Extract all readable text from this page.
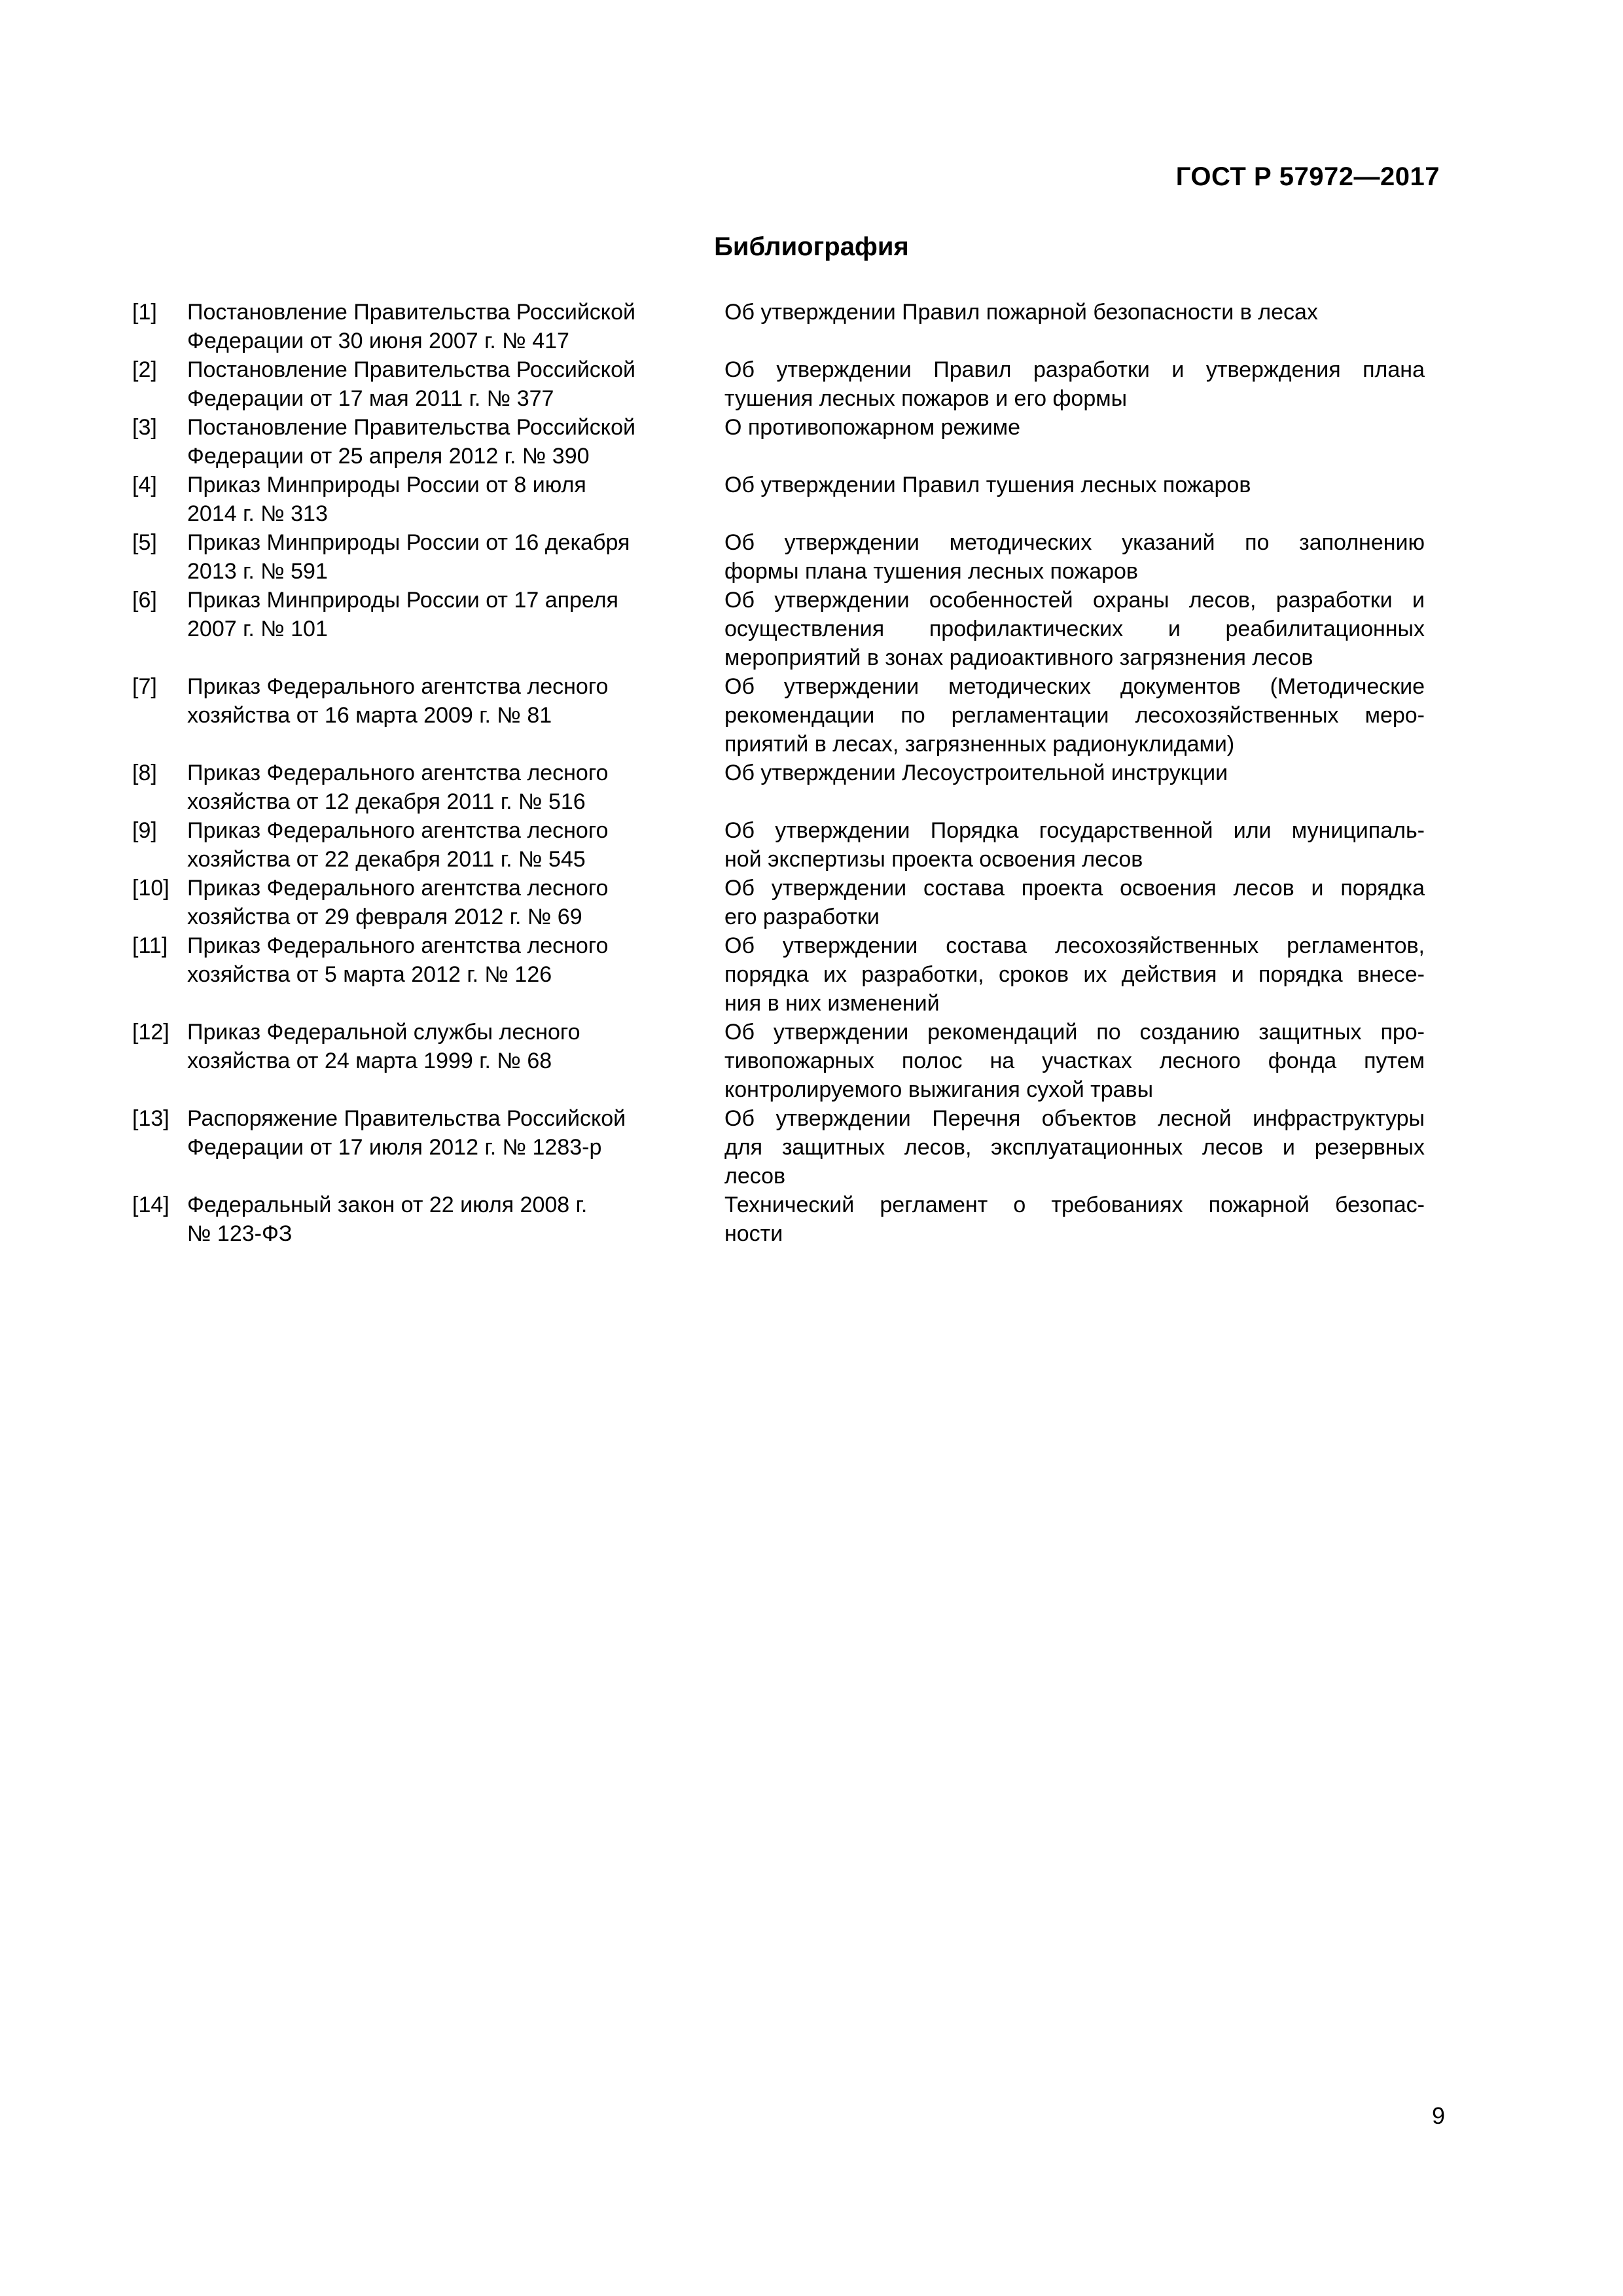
ГОСТ Р 57972—2017
Библиография
[1] Постановление Правительства Российской
Федерации от 30 июня 2007 г. № 417
Об утверждении Правил пожарной безопасности в лесах
[2] Постановление Правительства Российской
Федерации от 17 мая 2011 г. № 377
Об утверждении Правил разработки и утверждения плана
тушения лесных пожаров и его формы
[3] Постановление Правительства Российской
Федерации от 25 апреля 2012 г. № 390
О противопожарном режиме
[4] Приказ Минприроды России от 8 июля
2014 г. № 313
Об утверждении Правил тушения лесных пожаров
[5] Приказ Минприроды России от 16 декабря
2013 г. № 591
Об утверждении методических указаний по заполнению
формы плана тушения лесных пожаров
[6] Приказ Минприроды России от 17 апреля
2007 г. № 101
Об утверждении особенностей охраны лесов, разработки и
осуществления профилактических и реабилитационных
мероприятий в зонах радиоактивного загрязнения лесов
[7] Приказ Федерального агентства лесного
хозяйства от 16 марта 2009 г. № 81
Об утверждении методических документов (Методические
рекомендации по регламентации лесохозяйственных меро-
приятий в лесах, загрязненных радионуклидами)
[8] Приказ Федерального агентства лесного
хозяйства от 12 декабря 2011 г. № 516
Об утверждении Лесоустроительной инструкции
[9] Приказ Федерального агентства лесного
хозяйства от 22 декабря 2011 г. № 545
Об утверждении Порядка государственной или муниципаль-
ной экспертизы проекта освоения лесов
[10] Приказ Федерального агентства лесного
хозяйства от 29 февраля 2012 г. № 69
Об утверждении состава проекта освоения лесов и порядка
его разработки
[11] Приказ Федерального агентства лесного
хозяйства от 5 марта 2012 г. № 126
Об утверждении состава лесохозяйственных регламентов,
порядка их разработки, сроков их действия и порядка внесе-
ния в них изменений
[12] Приказ Федеральной службы лесного
хозяйства от 24 марта 1999 г. № 68
Об утверждении рекомендаций по созданию защитных про-
тивопожарных полос на участках лесного фонда путем
контролируемого выжигания сухой травы
[13] Распоряжение Правительства Российской
Федерации от 17 июля 2012 г. № 1283-р
Об утверждении Перечня объектов лесной инфраструктуры
для защитных лесов, эксплуатационных лесов и резервных
лесов
[14] Федеральный закон от 22 июля 2008 г.
№ 123-ФЗ
Технический регламент о требованиях пожарной безопас-
ности
9
